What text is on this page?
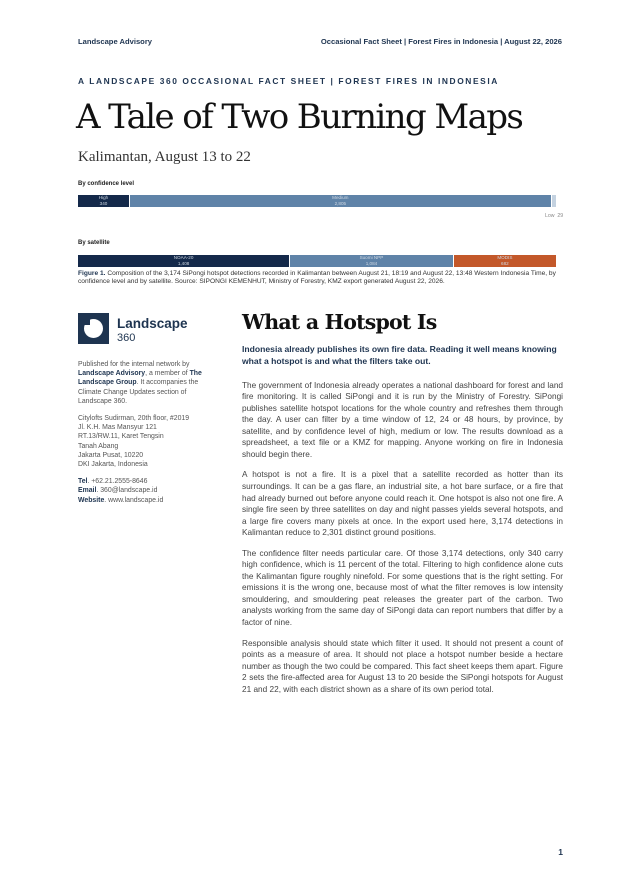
Landscape Advisory	Occasional Fact Sheet | Forest Fires in Indonesia | August 22, 2026
A LANDSCAPE 360 OCCASIONAL FACT SHEET | FOREST FIRES IN INDONESIA
A Tale of Two Burning Maps
Kalimantan, August 13 to 22
By confidence level
High
340
Medium
2,805
Low 29
By satellite
NOAA-20
1,408
Suomi NPP
1,084
MODIS
682
Figure 1. Composition of the 3,174 SiPongi hotspot detections recorded in Kalimantan between August 21, 18:19 and August 22, 13:48 Western Indonesia Time, by confidence level and by satellite. Source: SIPONGI KEMENHUT, Ministry of Forestry, KMZ export generated August 22, 2026.
Landscape
360

Published for the internal network by Landscape Advisory, a member of The Landscape Group. It accompanies the Climate Change Updates section of Landscape 360.

Citylofts Sudirman, 20th floor, #2019
Jl. K.H. Mas Mansyur 121
RT.13/RW.11, Karet Tengsin
Tanah Abang
Jakarta Pusat, 10220
DKI Jakarta, Indonesia

Tel. +62.21.2555-8646
Email. 360@landscape.id
Website. www.landscape.id

What a Hotspot Is

Indonesia already publishes its own fire data. Reading it well means knowing what a hotspot is and what the filters take out.

The government of Indonesia already operates a national dashboard for forest and land fire monitoring. It is called SiPongi and it is run by the Ministry of Forestry. SiPongi publishes satellite hotspot locations for the whole country and refreshes them through the day. A user can filter by a time window of 12, 24 or 48 hours, by province, by satellite, and by confidence level of high, medium or low. The results download as a spreadsheet, a text file or a KMZ for mapping. Anyone working on fire in Indonesia should begin there.

A hotspot is not a fire. It is a pixel that a satellite recorded as hotter than its surroundings. It can be a gas flare, an industrial site, a hot bare surface, or a fire that had already burned out before anyone could reach it. One hotspot is also not one fire. A single fire seen by three satellites on day and night passes yields several hotspots, and a large fire covers many pixels at once. In the export used here, 3,174 detections in Kalimantan reduce to 2,301 distinct ground positions.

The confidence filter needs particular care. Of those 3,174 detections, only 340 carry high confidence, which is 11 percent of the total. Filtering to high confidence alone cuts the Kalimantan figure roughly ninefold. For some questions that is the right setting. For emissions it is the wrong one, because most of what the filter removes is low intensity smouldering, and smouldering peat releases the greater part of the carbon. Two analysts working from the same day of SiPongi data can report numbers that differ by a factor of nine.

Responsible analysis should state which filter it used. It should not present a count of points as a measure of area. It should not place a hotspot number beside a hectare number as though the two could be compared. This fact sheet keeps them apart. Figure 2 sets the fire-affected area for August 13 to 20 beside the SiPongi hotspots for August 21 and 22, with each district shown as a share of its own period total.

1
